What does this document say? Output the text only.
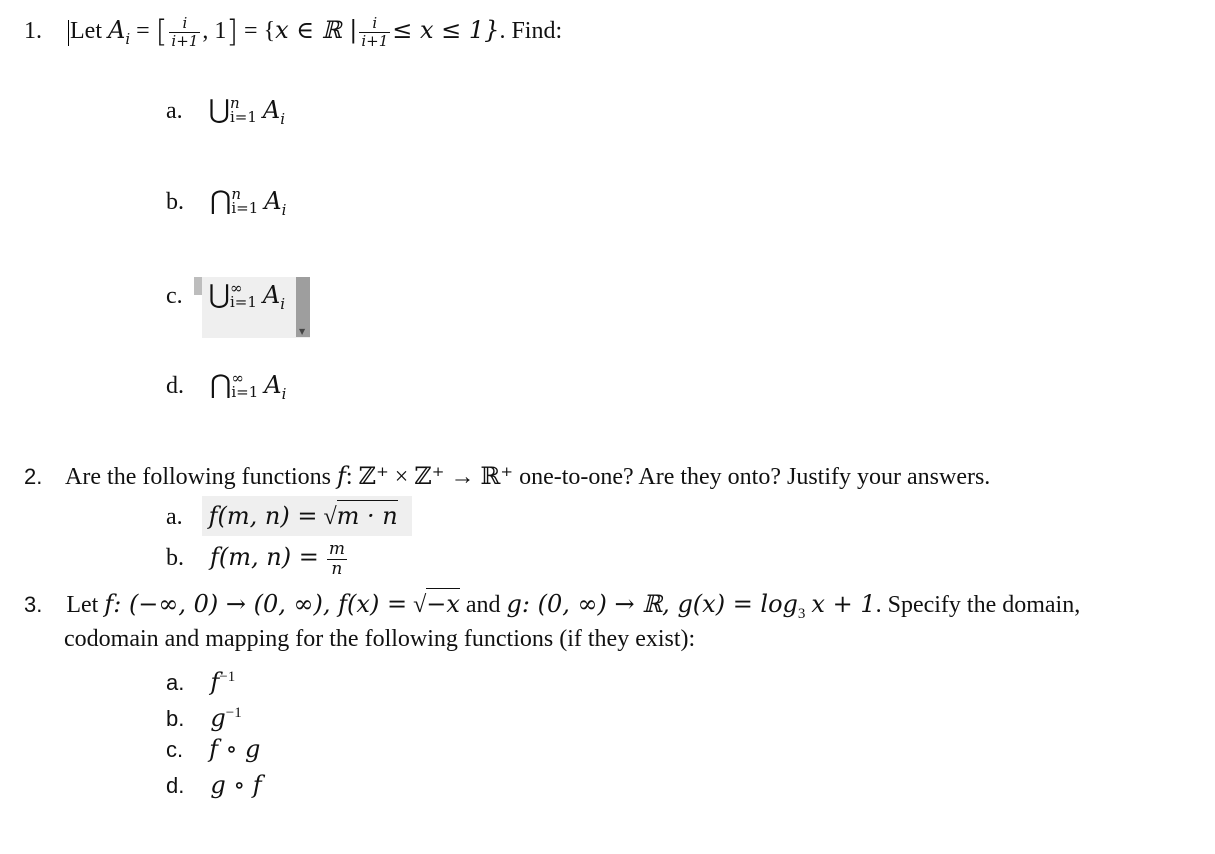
1. Let $A_i$ = [ $\frac{i}{i+1}$ , 1] = {x ∈ ℝ | $\frac{i}{i+1} \le x \le 1$}. Find:
a. ⋃ n
i=1 $A_i$
b. ⋂ n
i=1 $A_i$
▼
c. ⋃ ∞
i=1 $A_i$
d. ⋂ ∞
i=1 $A_i$
2. Are the following functions f: ℤ⁺ × ℤ⁺ → ℝ⁺ one-to-one? Are they onto? Justify your answers.
a. f(m, n) = √m · n
b. f(m, $n) = \frac{m}{n}$
3. Let f: (−∞, 0) → (0, ∞), f(x) = √−x and g: (0, ∞) → ℝ, $g(x) = \log_3 x + 1$. Specify the domain,
codomain and mapping for the following functions (if they exist):
a. $f^{-1}$
b. $g^{-1}$
c. f ∘ g
d. g ∘ f
